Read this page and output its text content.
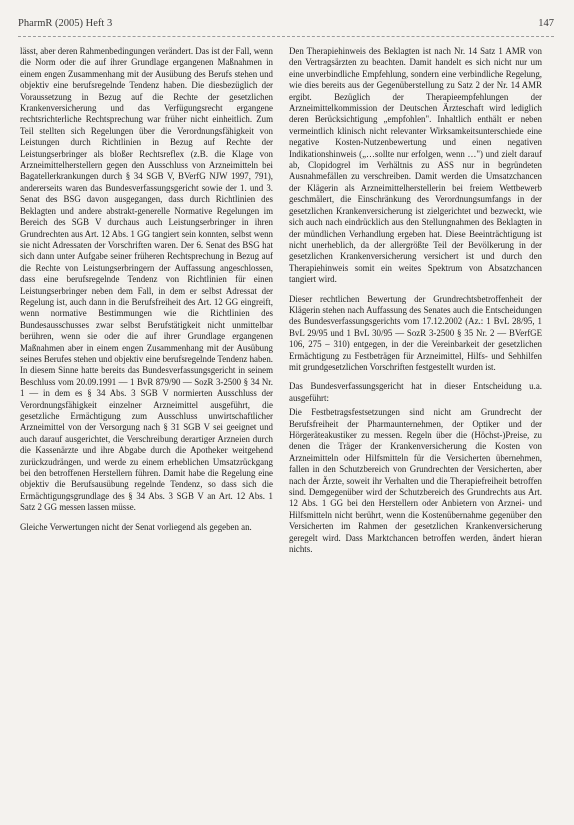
PharmR (2005) Heft 3	147

lässt, aber deren Rahmenbedingungen verändert. Das ist der Fall, wenn die Norm oder die auf ihrer Grundlage ergangenen Maßnahmen in einem engen Zusammenhang mit der Ausübung des Berufs stehen und objektiv eine berufsregelnde Tendenz haben. Die diesbezüglich der Voraussetzung in Bezug auf die Rechte der gesetzlichen Krankenversicherung und das Verfügungsrecht ergangene rechtsrichterliche Rechtsprechung war früher nicht einheitlich. Zum Teil stellten sich Regelungen über die Verordnungsfähigkeit von Leistungen durch Richtlinien in Bezug auf Rechte der Leistungserbringer als bloßer Rechtsreflex (z.B. die Klage von Arzneimittelherstellern gegen den Ausschluss von Arzneimitteln bei Bagatellerkrankungen durch § 34 SGB V, BVerfG NJW 1997, 791), andererseits waren das Bundesverfassungsgericht sowie der 1. und 3. Senat des BSG davon ausgegangen, dass durch Richtlinien des Beklagten und andere abstrakt-generelle Normative Regelungen im Bereich des SGB V durchaus auch Leistungserbringer in ihren Grundrechten aus Art. 12 Abs. 1 GG tangiert sein konnten, selbst wenn sie nicht Adressaten der Vorschriften waren. Der 6. Senat des BSG hat sich dann unter Aufgabe seiner früheren Rechtsprechung in Bezug auf die Rechte von Leistungserbringern der Auffassung angeschlossen, dass eine berufsregelnde Tendenz von Richtlinien für einen Leistungserbringer neben dem Fall, in dem er selbst Adressat der Regelung ist, auch dann in die Berufsfreiheit des Art. 12 GG eingreift, wenn normative Bestimmungen wie die Richtlinien des Bundesausschusses zwar selbst Berufstätigkeit nicht unmittelbar berühren, wenn sie oder die auf ihrer Grundlage ergangenen Maßnahmen aber in einem engen Zusammenhang mit der Ausübung seines Berufes stehen und objektiv eine berufsregelnde Tendenz haben. In diesem Sinne hatte bereits das Bundesverfassungsgericht in seinem Beschluss vom 20.09.1991 — 1 BvR 879/90 — SozR 3-2500 § 34 Nr. 1 — in dem es § 34 Abs. 3 SGB V normierten Ausschluss der Verordnungsfähigkeit einzelner Arzneimittel ausgeführt, die gesetzliche Ermächtigung zum Ausschluss unwirtschaftlicher Arzneimittel von der Versorgung nach § 31 SGB V sei geeignet und auch darauf ausgerichtet, die Verschreibung derartiger Arzneien durch die Kassenärzte und ihre Abgabe durch die Apotheker weitgehend zurückzudrängen, und werde zu einem erheblichen Umsatzrückgang bei den betroffenen Herstellern führen. Damit habe die Regelung eine objektiv die Berufsausübung regelnde Tendenz, so dass sich die Ermächtigungsgrundlage des § 34 Abs. 3 SGB V an Art. 12 Abs. 1 Satz 2 GG messen lassen müsse.

Gleiche Verwertungen nicht der Senat vorliegend als gegeben an.

Den Therapiehinweis des Beklagten ist nach Nr. 14 Satz 1 AMR von den Vertragsärzten zu beachten. Damit handelt es sich nicht nur um eine unverbindliche Empfehlung, sondern eine verbindliche Regelung, wie dies bereits aus der Gegenüberstellung zu Satz 2 der Nr. 14 AMR ergibt. Bezüglich der Therapieempfehlungen der Arzneimittelkommission der Deutschen Ärzteschaft wird lediglich deren Berücksichtigung „empfohlen". Inhaltlich enthält er neben vermeintlich klinisch nicht relevanter Wirksamkeitsunterschiede eine negative Kosten-Nutzenbewertung und einen negativen Indikationshinweis („…sollte nur erfolgen, wenn …") und zielt darauf ab, Clopidogrel im Verhältnis zu ASS nur in begründeten Ausnahmefällen zu verschreiben. Damit werden die Umsatzchancen der Klägerin als Arzneimittelherstellerin bei freiem Wettbewerb geschmälert, die Einschränkung des Verordnungsumfangs in der gesetzlichen Krankenversicherung ist zielgerichtet und bezweckt, wie sich auch nach eindrücklich aus den Stellungnahmen des Beklagten in der mündlichen Verhandlung ergeben hat. Diese Beeinträchtigung ist nicht unerheblich, da der allergrößte Teil der Bevölkerung in der gesetzlichen Krankenversicherung versichert ist und durch den Therapiehinweis somit ein weites Spektrum von Absatzchancen tangiert wird.

Dieser rechtlichen Bewertung der Grundrechtsbetroffenheit der Klägerin stehen nach Auffassung des Senates auch die Entscheidungen des Bundesverfassungsgerichts vom 17.12.2002 (Az.: 1 BvL 28/95, 1 BvL 29/95 und 1 BvL 30/95 — SozR 3-2500 § 35 Nr. 2 — BVerfGE 106, 275 – 310) entgegen, in der die Vereinbarkeit der gesetzlichen Ermächtigung zu Festbeträgen für Arzneimittel, Hilfs- und Sehhilfen mit grundgesetzlichen Vorschriften festgestellt wurden ist.

Das Bundesverfassungsgericht hat in dieser Entscheidung u.a. ausgeführt:

Die Festbetragsfestsetzungen sind nicht am Grundrecht der Berufsfreiheit der Pharmaunternehmen, der Optiker und der Hörgeräteakustiker zu messen. Regeln über die (Höchst-)Preise, zu denen die Träger der Krankenversicherung die Kosten von Arzneimitteln oder Hilfsmitteln für die Versicherten übernehmen, fallen in den Schutzbereich von Grundrechten der Versicherten, aber nach der Ärzte, soweit ihr Verhalten und die Therapiefreiheit betroffen sind. Demgegenüber wird der Schutzbereich des Grundrechts aus Art. 12 Abs. 1 GG bei den Herstellern oder Anbietern von Arznei- und Hilfsmitteln nicht berührt, wenn die Kostenübernahme gegenüber den Versicherten im Rahmen der gesetzlichen Krankenversicherung geregelt wird. Dass Marktchancen betroffen werden, ändert hieran nichts.
